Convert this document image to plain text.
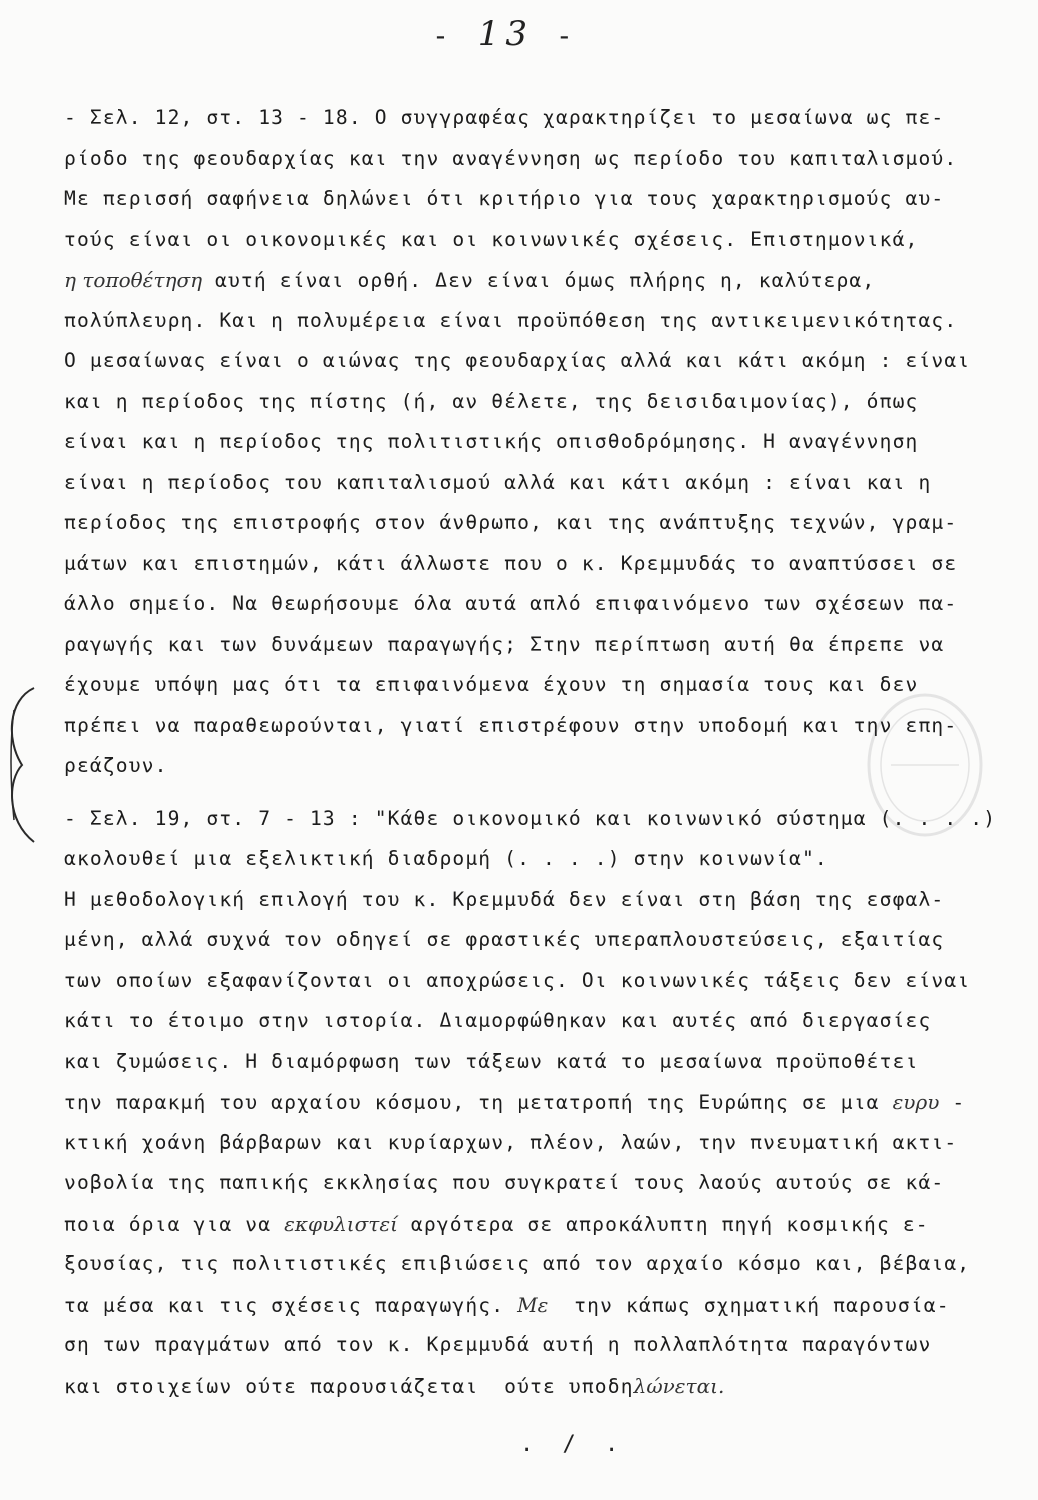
- 13 -
- Σελ. 12, στ. 13 - 18. Ο συγγραφέας χαρακτηρίζει το μεσαίωνα ως πε-
ρίοδο της φεουδαρχίας και την αναγέννηση ως περίοδο του καπιταλισμού.
Με περισσή σαφήνεια δηλώνει ότι κριτήριο για τους χαρακτηρισμούς αυ-
τούς είναι οι οικονομικές και οι κοινωνικές σχέσεις. Επιστημονικά,
η τοποθέτηση αυτή είναι ορθή. Δεν είναι όμως πλήρης η, καλύτερα,
πολύπλευρη. Και η πολυμέρεια είναι προϋπόθεση της αντικειμενικότητας.
Ο μεσαίωνας είναι ο αιώνας της φεουδαρχίας αλλά και κάτι ακόμη : είναι
και η περίοδος της πίστης (ή, αν θέλετε, της δεισιδαιμονίας), όπως
είναι και η περίοδος της πολιτιστικής οπισθοδρόμησης. Η αναγέννηση
είναι η περίοδος του καπιταλισμού αλλά και κάτι ακόμη : είναι και η
περίοδος της επιστροφής στον άνθρωπο, και της ανάπτυξης τεχνών, γραμ-
μάτων και επιστημών, κάτι άλλωστε που ο κ. Κρεμμυδάς το αναπτύσσει σε
άλλο σημείο. Να θεωρήσουμε όλα αυτά απλό επιφαινόμενο των σχέσεων πα-
ραγωγής και των δυνάμεων παραγωγής; Στην περίπτωση αυτή θα έπρεπε να
έχουμε υπόψη μας ότι τα επιφαινόμενα έχουν τη σημασία τους και δεν
πρέπει να παραθεωρούνται, γιατί επιστρέφουν στην υποδομή και την επη-
ρεάζουν.
- Σελ. 19, στ. 7 - 13 : "Κάθε οικονομικό και κοινωνικό σύστημα (. . . .)
ακολουθεί μια εξελικτική διαδρομή (. . . .) στην κοινωνία".
Η μεθοδολογική επιλογή του κ. Κρεμμυδά δεν είναι στη βάση της εσφαλ-
μένη, αλλά συχνά τον οδηγεί σε φραστικές υπεραπλουστεύσεις, εξαιτίας
των οποίων εξαφανίζονται οι αποχρώσεις. Οι κοινωνικές τάξεις δεν είναι
κάτι το έτοιμο στην ιστορία. Διαμορφώθηκαν και αυτές από διεργασίες
και ζυμώσεις. Η διαμόρφωση των τάξεων κατά το μεσαίωνα προϋποθέτει
την παρακμή του αρχαίου κόσμου, τη μετατροπή της Ευρώπης σε μια ευρυ -
κτική χοάνη βάρβαρων και κυρίαρχων, πλέον, λαών, την πνευματική ακτι-
νοβολία της παπικής εκκλησίας που συγκρατεί τους λαούς αυτούς σε κά-
ποια όρια για να εκφυλιστεί αργότερα σε απροκάλυπτη πηγή κοσμικής ε-
ξουσίας, τις πολιτιστικές επιβιώσεις από τον αρχαίο κόσμο και, βέβαια,
τα μέσα και τις σχέσεις παραγωγής. Με  την κάπως σχηματική παρουσία-
ση των πραγμάτων από τον κ. Κρεμμυδά αυτή η πολλαπλότητα παραγόντων
και στοιχείων ούτε παρουσιάζεται  ούτε υποδηλώνεται.
. / .
